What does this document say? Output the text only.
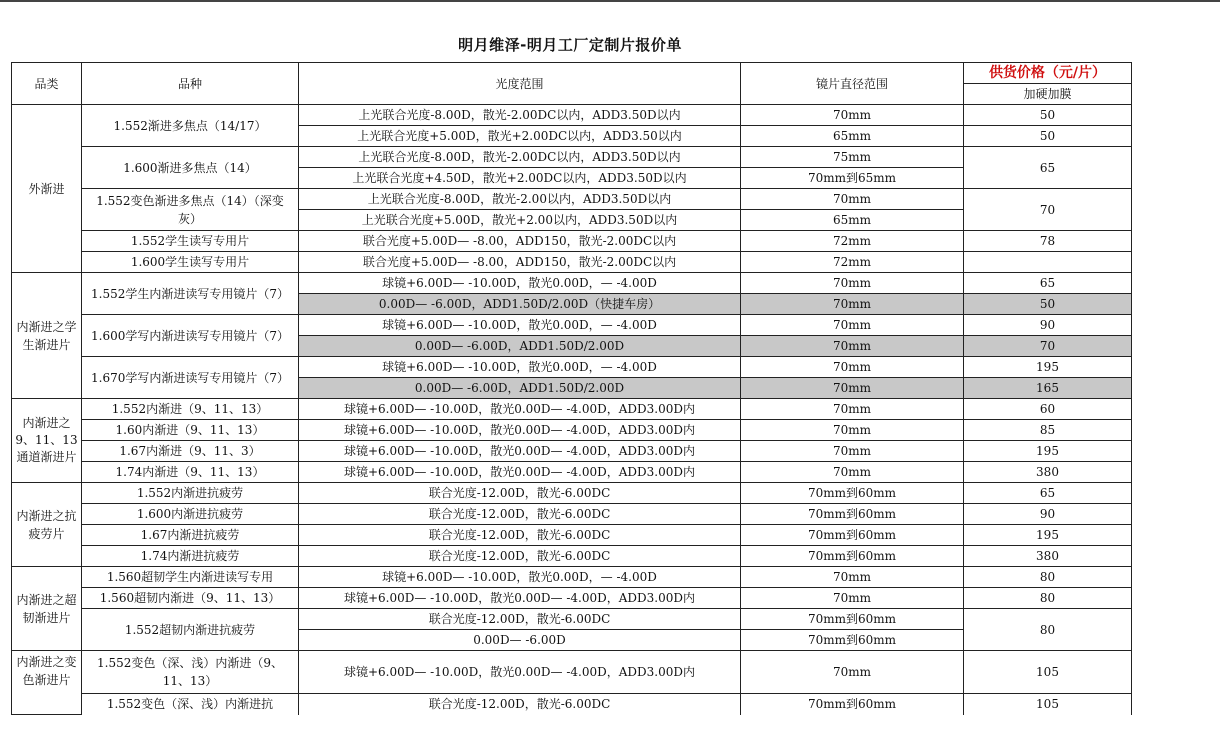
明月维泽-明月工厂定制片报价单
品类	品种	光度范围	镜片直径范围	供货价格（元/片）
				加硬加膜
外渐进	1.552渐进多焦点（14/17）	上光联合光度-8.00D，散光-2.00DC以内，ADD3.50D以内	70mm	50
		上光联合光度+5.00D，散光+2.00DC以内，ADD3.50以内	65mm	50
	1.600渐进多焦点（14）	上光联合光度-8.00D，散光-2.00DC以内，ADD3.50D以内	75mm	65
		上光联合光度+4.50D，散光+2.00DC以内，ADD3.50D以内	70mm到65mm	
	1.552变色渐进多焦点（14）（深变灰）	上光联合光度-8.00D，散光-2.00以内，ADD3.50D以内	70mm	70
		上光联合光度+5.00D，散光+2.00以内，ADD3.50D以内	65mm	
	1.552学生读写专用片	联合光度+5.00D— -8.00，ADD150，散光-2.00DC以内	72mm	78
	1.600学生读写专用片	联合光度+5.00D— -8.00，ADD150，散光-2.00DC以内	72mm	
内渐进之学生渐进片	1.552学生内渐进读写专用镜片（7）	球镜+6.00D— -10.00D，散光0.00D，— -4.00D	70mm	65
		0.00D— -6.00D，ADD1.50D/2.00D（快捷车房）	70mm	50
	1.600学写内渐进读写专用镜片（7）	球镜+6.00D— -10.00D，散光0.00D，— -4.00D	70mm	90
		0.00D— -6.00D，ADD1.50D/2.00D	70mm	70
	1.670学写内渐进读写专用镜片（7）	球镜+6.00D— -10.00D，散光0.00D，— -4.00D	70mm	195
		0.00D— -6.00D，ADD1.50D/2.00D	70mm	165
内渐进之9、11、13通道渐进片	1.552内渐进（9、11、13）	球镜+6.00D— -10.00D，散光0.00D— -4.00D，ADD3.00D内	70mm	60
	1.60内渐进（9、11、13）	球镜+6.00D— -10.00D，散光0.00D— -4.00D，ADD3.00D内	70mm	85
	1.67内渐进（9、11、3）	球镜+6.00D— -10.00D，散光0.00D— -4.00D，ADD3.00D内	70mm	195
	1.74内渐进（9、11、13）	球镜+6.00D— -10.00D，散光0.00D— -4.00D，ADD3.00D内	70mm	380
内渐进之抗疲劳片	1.552内渐进抗疲劳	联合光度-12.00D，散光-6.00DC	70mm到60mm	65
	1.600内渐进抗疲劳	联合光度-12.00D，散光-6.00DC	70mm到60mm	90
	1.67内渐进抗疲劳	联合光度-12.00D，散光-6.00DC	70mm到60mm	195
	1.74内渐进抗疲劳	联合光度-12.00D，散光-6.00DC	70mm到60mm	380
内渐进之超韧渐进片	1.560超韧学生内渐进读写专用	球镜+6.00D— -10.00D，散光0.00D，— -4.00D	70mm	80
	1.560超韧内渐进（9、11、13）	球镜+6.00D— -10.00D，散光0.00D— -4.00D，ADD3.00D内	70mm	80
	1.552超韧内渐进抗疲劳	联合光度-12.00D，散光-6.00DC	70mm到60mm	80
		0.00D— -6.00D	70mm到60mm	
内渐进之变色渐进片	1.552变色（深、浅）内渐进（9、11、13）	球镜+6.00D— -10.00D，散光0.00D— -4.00D，ADD3.00D内	70mm	105
	1.552变色（深、浅）内渐进抗	联合光度-12.00D，散光-6.00DC	70mm到60mm	105
